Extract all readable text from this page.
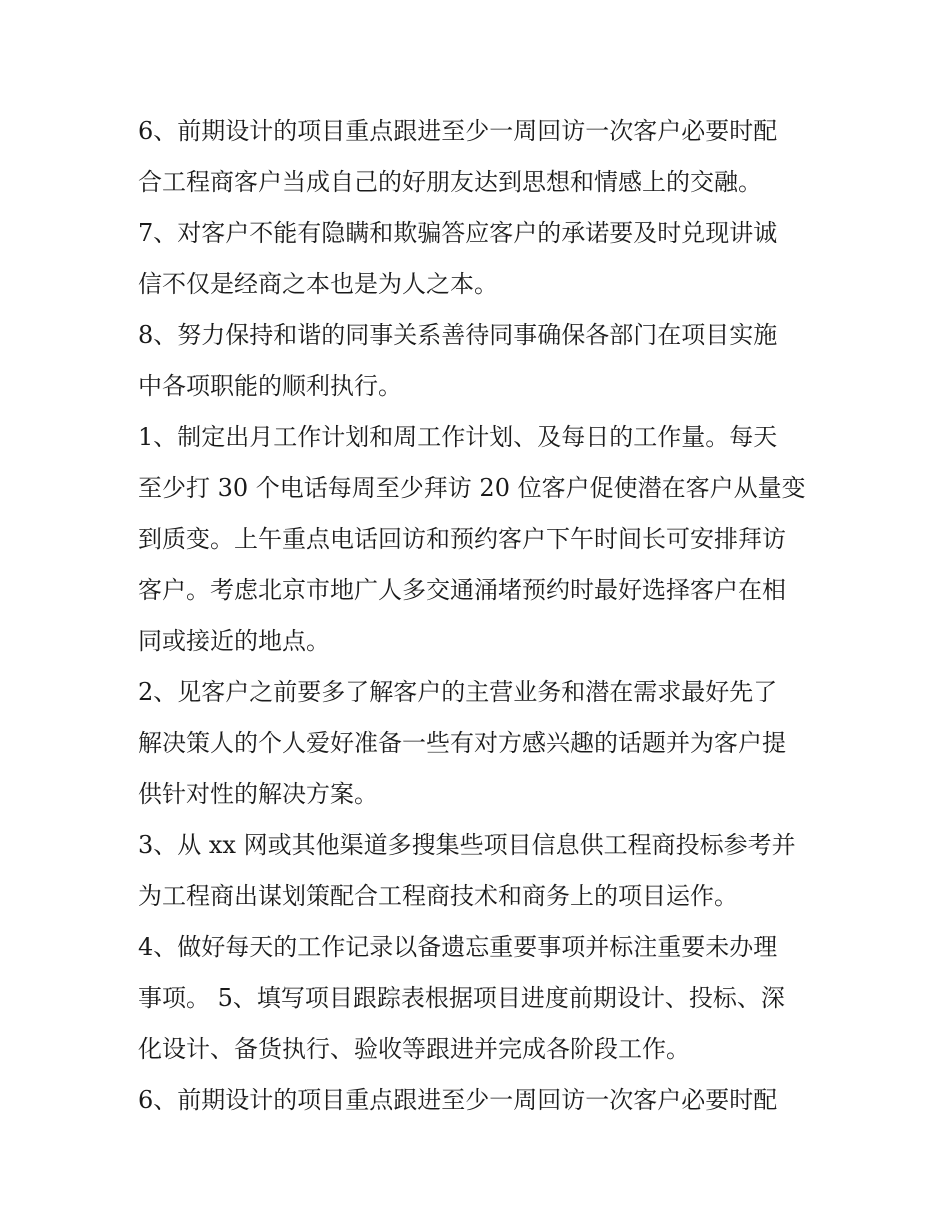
6、前期设计的项目重点跟进至少一周回访一次客户必要时配
合工程商客户当成自己的好朋友达到思想和情感上的交融。
7、对客户不能有隐瞒和欺骗答应客户的承诺要及时兑现讲诚
信不仅是经商之本也是为人之本。
8、努力保持和谐的同事关系善待同事确保各部门在项目实施
中各项职能的顺利执行。
1、制定出月工作计划和周工作计划、及每日的工作量。每天
至少打 30 个电话每周至少拜访 20 位客户促使潜在客户从量变
到质变。上午重点电话回访和预约客户下午时间长可安排拜访
客户。考虑北京市地广人多交通涌堵预约时最好选择客户在相
同或接近的地点。
2、见客户之前要多了解客户的主营业务和潜在需求最好先了
解决策人的个人爱好准备一些有对方感兴趣的话题并为客户提
供针对性的解决方案。
3、从 xx 网或其他渠道多搜集些项目信息供工程商投标参考并
为工程商出谋划策配合工程商技术和商务上的项目运作。
4、做好每天的工作记录以备遗忘重要事项并标注重要未办理
事项。 5、填写项目跟踪表根据项目进度前期设计、投标、深
化设计、备货执行、验收等跟进并完成各阶段工作。
6、前期设计的项目重点跟进至少一周回访一次客户必要时配
